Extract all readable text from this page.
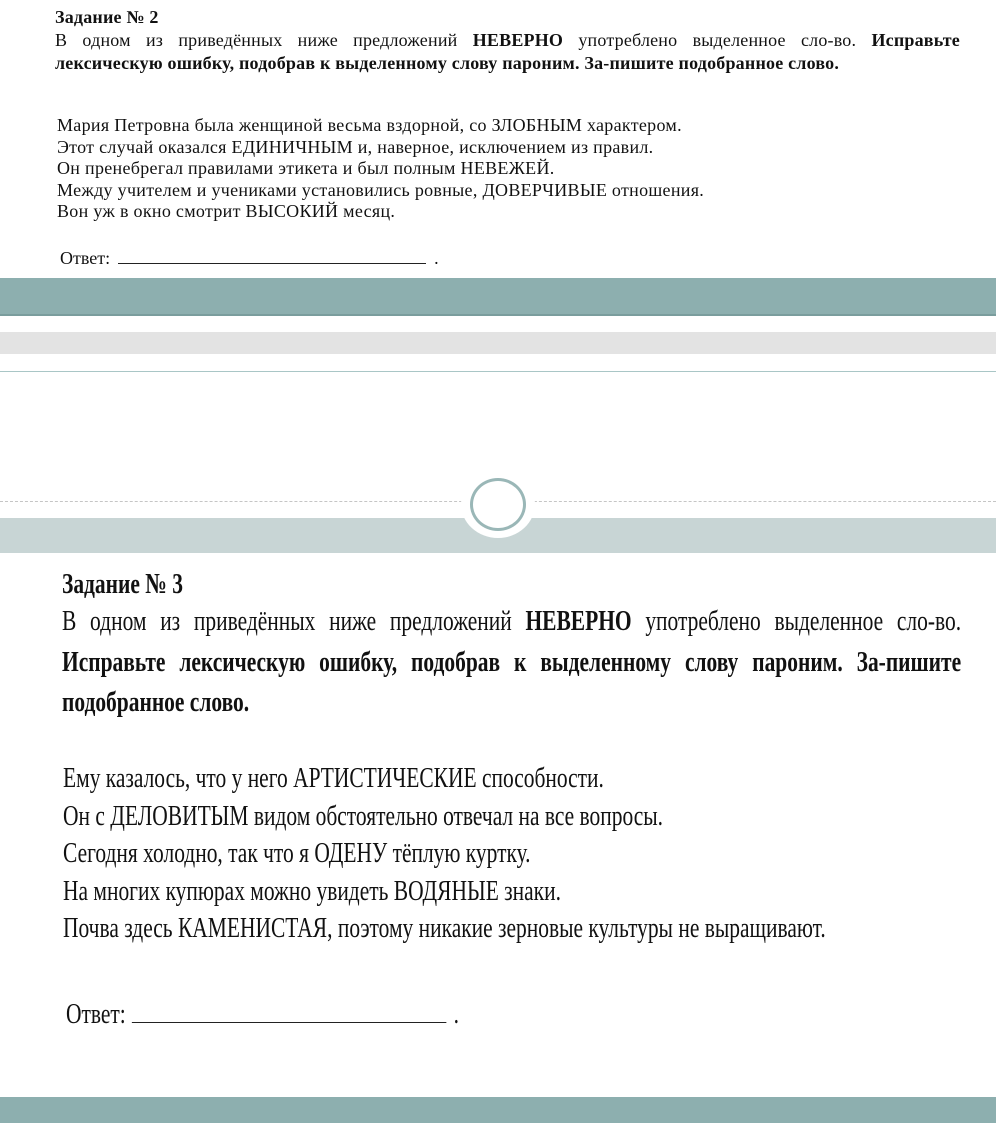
Задание № 2
В одном из приведённых ниже предложений НЕВЕРНО употреблено выделенное сло-во. Исправьте лексическую ошибку, подобрав к выделенному слову пароним. За-пишите подобранное слово.
Мария Петровна была женщиной весьма вздорной, со ЗЛОБНЫМ характером.
Этот случай оказался ЕДИНИЧНЫМ и, наверное, исключением из правил.
Он пренебрегал правилами этикета и был полным НЕВЕЖЕЙ.
Между учителем и учениками установились ровные, ДОВЕРЧИВЫЕ отношения.
Вон уж в окно смотрит ВЫСОКИЙ месяц.
Ответ:	.
Задание № 3
В одном из приведённых ниже предложений НЕВЕРНО употреблено выделенное сло-во. Исправьте лексическую ошибку, подобрав к выделенному слову пароним. За-пишите подобранное слово.
Ему казалось, что у него АРТИСТИЧЕСКИЕ способности.
Он с ДЕЛОВИТЫМ видом обстоятельно отвечал на все вопросы.
Сегодня холодно, так что я ОДЕНУ тёплую куртку.
На многих купюрах можно увидеть ВОДЯНЫЕ знаки.
Почва здесь КАМЕНИСТАЯ, поэтому никакие зерновые культуры не выращивают.
Ответ:	.
